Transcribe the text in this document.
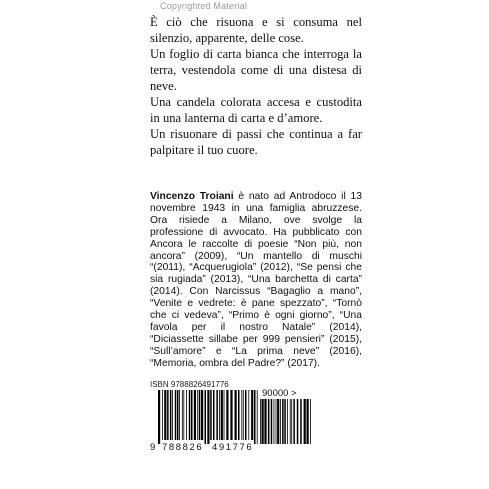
Copyrighted Material

È ciò che risuona e si consuma nel silenzio, apparente, delle cose.

Un foglio di carta bianca che interroga la terra, vestendola come di una distesa di neve.

Una candela colorata accesa e custodita in una lanterna di carta e d’amore.

Un risuonare di passi che continua a far palpitare il tuo cuore.

Vincenzo Troiani è nato ad Antrodoco il 13 novembre 1943 in una famiglia abruzzese. Ora risiede a Milano, ove svolge la professione di avvocato. Ha pubblicato con Ancora le raccolte di poesie “Non più, non ancora” (2009), “Un mantello di muschi “(2011), “Acquerugiola” (2012), “Se pensi che sia rugiada” (2013), “Una barchetta di carta” (2014). Con Narcissus “Bagaglio a mano”, “Venite e vedrete: è pane spezzato”, “Tornò che ci vedeva”, “Primo è ogni giorno”, “Una favola per il nostro Natale” (2014), “Diciassette sillabe per 999 pensieri” (2015), “Sull’amore” e “La prima neve” (2016), “Memoria, ombra del Padre?” (2017).
ISBN 9788826491776
90000 >
9 788826 491776
